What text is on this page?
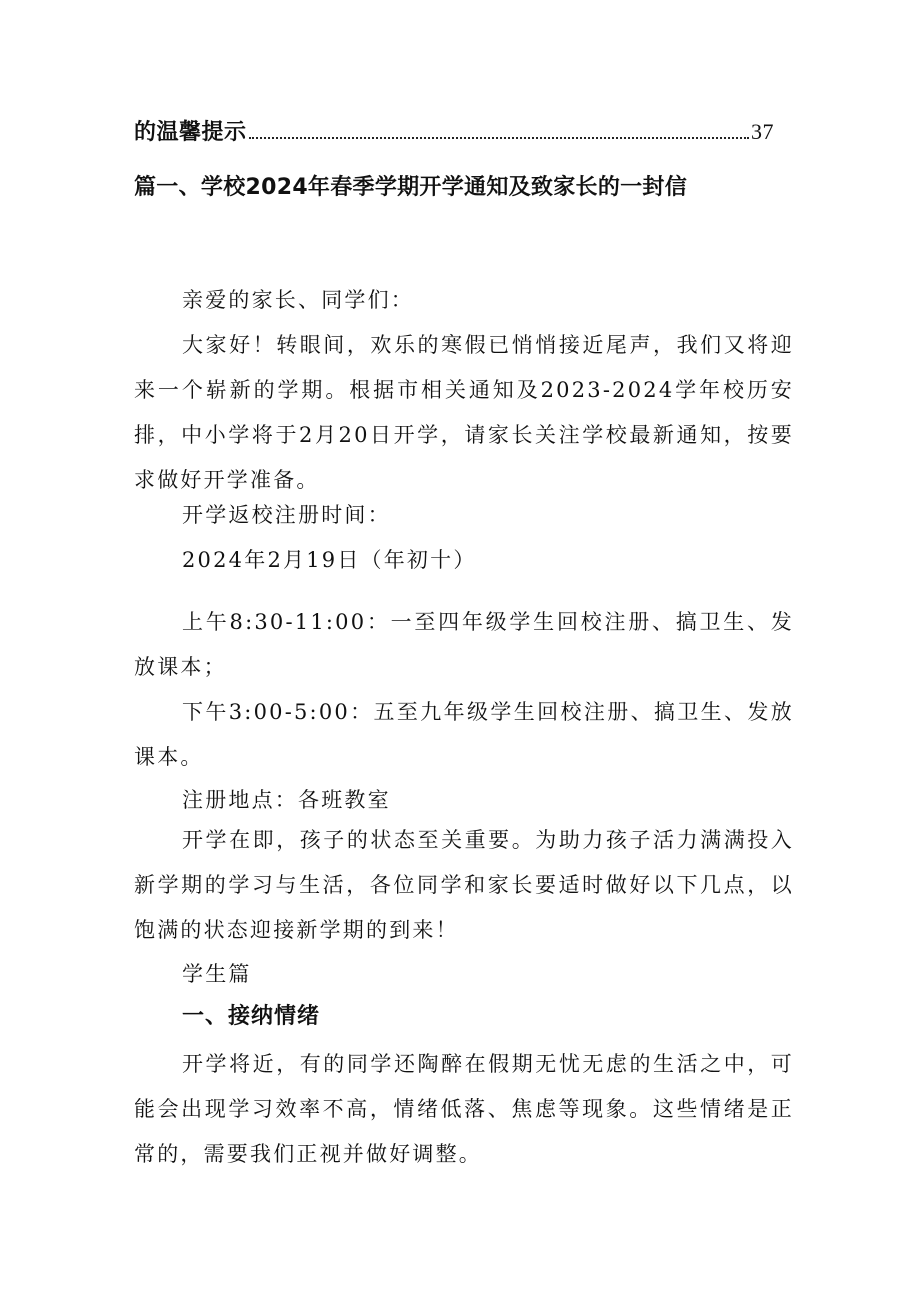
的温馨提示	37
篇一、学校2024年春季学期开学通知及致家长的一封信
亲爱的家长、同学们：
大家好！转眼间，欢乐的寒假已悄悄接近尾声，我们又将迎来一个崭新的学期。根据市相关通知及2023-2024学年校历安排，中小学将于2月20日开学，请家长关注学校最新通知，按要求做好开学准备。
开学返校注册时间：
2024年2月19日（年初十）
上午8:30-11:00：一至四年级学生回校注册、搞卫生、发放课本；
下午3:00-5:00：五至九年级学生回校注册、搞卫生、发放课本。
注册地点：各班教室
开学在即，孩子的状态至关重要。为助力孩子活力满满投入新学期的学习与生活，各位同学和家长要适时做好以下几点，以饱满的状态迎接新学期的到来！
学生篇
一、接纳情绪
开学将近，有的同学还陶醉在假期无忧无虑的生活之中，可能会出现学习效率不高，情绪低落、焦虑等现象。这些情绪是正常的，需要我们正视并做好调整。
